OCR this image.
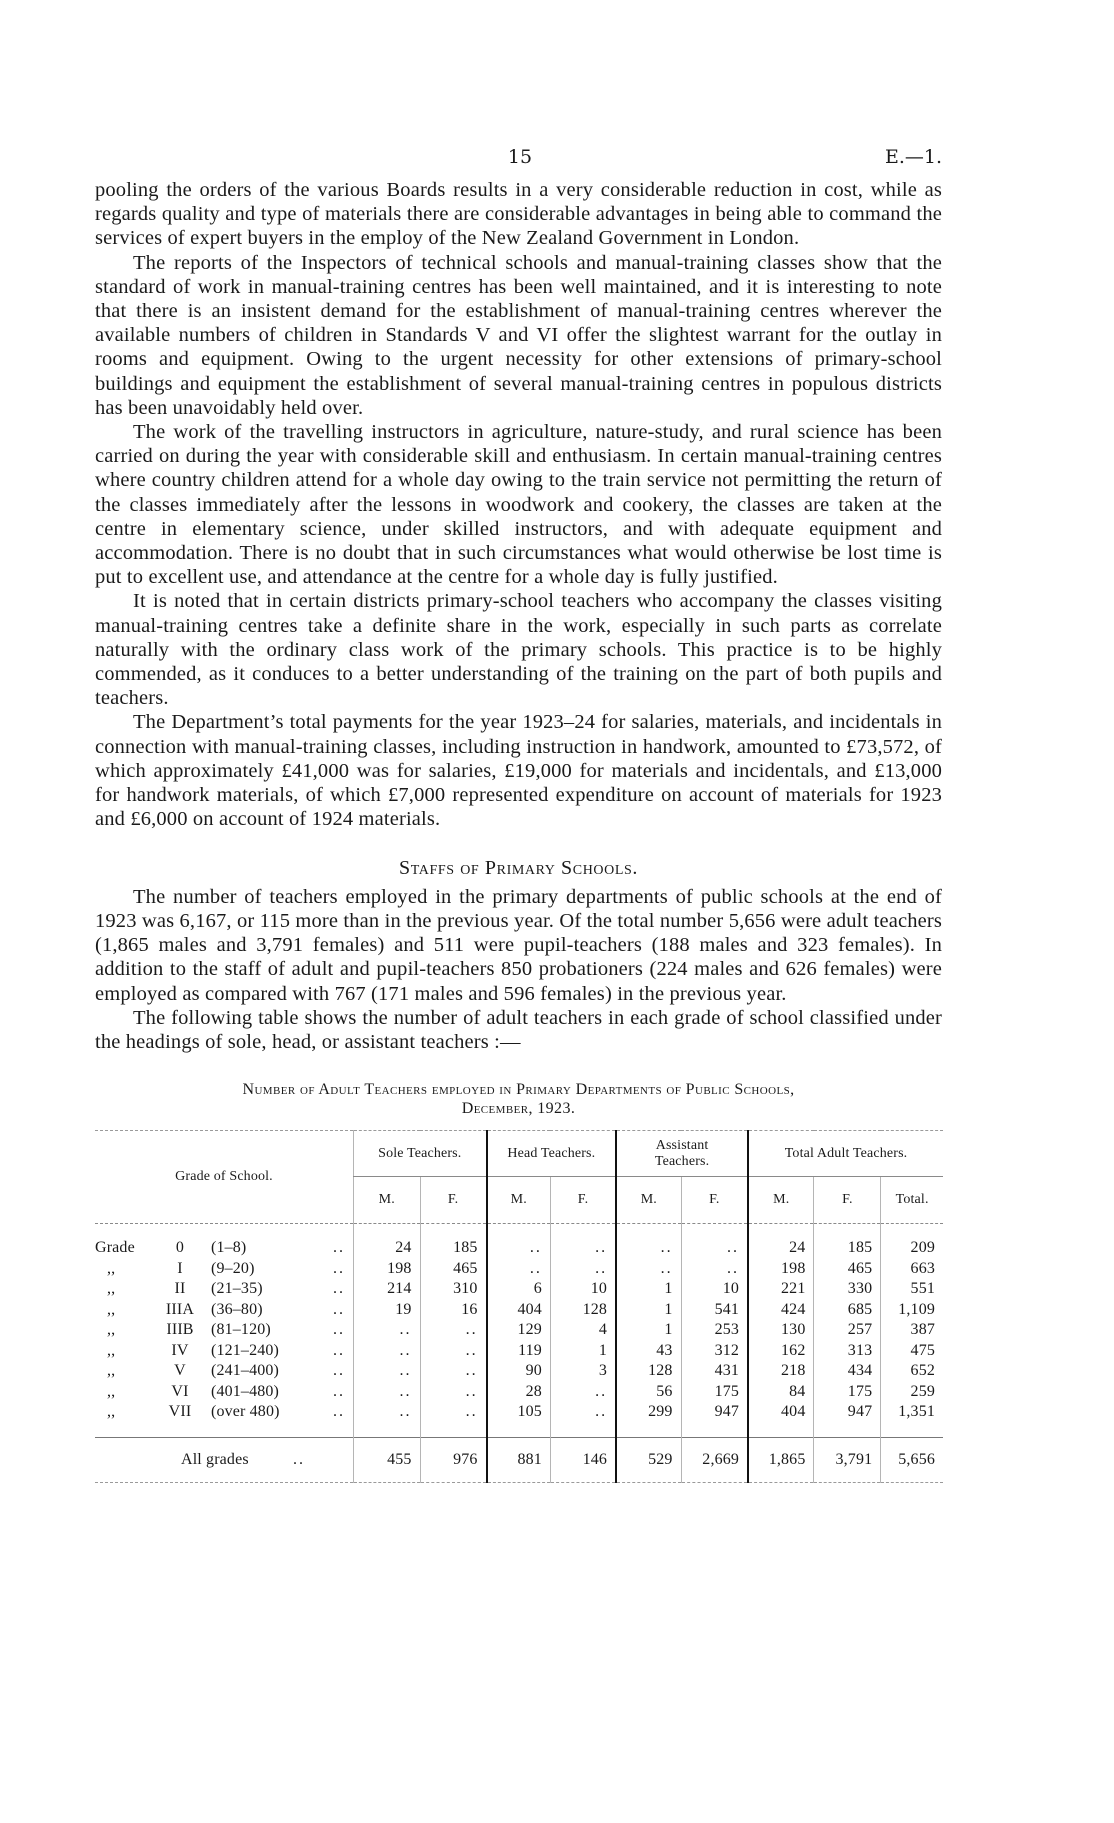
15	E.—1.

pooling the orders of the various Boards results in a very considerable reduction in cost, while as regards quality and type of materials there are considerable advantages in being able to command the services of expert buyers in the employ of the New Zealand Government in London.

The reports of the Inspectors of technical schools and manual-training classes show that the standard of work in manual-training centres has been well maintained, and it is interesting to note that there is an insistent demand for the establishment of manual-training centres wherever the available numbers of children in Standards V and VI offer the slightest warrant for the outlay in rooms and equipment. Owing to the urgent necessity for other extensions of primary-school buildings and equipment the establishment of several manual-training centres in populous districts has been unavoidably held over.

The work of the travelling instructors in agriculture, nature-study, and rural science has been carried on during the year with considerable skill and enthusiasm. In certain manual-training centres where country children attend for a whole day owing to the train service not permitting the return of the classes immediately after the lessons in woodwork and cookery, the classes are taken at the centre in elementary science, under skilled instructors, and with adequate equipment and accommodation. There is no doubt that in such circumstances what would otherwise be lost time is put to excellent use, and attendance at the centre for a whole day is fully justified.

It is noted that in certain districts primary-school teachers who accompany the classes visiting manual-training centres take a definite share in the work, especially in such parts as correlate naturally with the ordinary class work of the primary schools. This practice is to be highly commended, as it conduces to a better understanding of the training on the part of both pupils and teachers.

The Department’s total payments for the year 1923–24 for salaries, materials, and incidentals in connection with manual-training classes, including instruction in handwork, amounted to £73,572, of which approximately £41,000 was for salaries, £19,000 for materials and incidentals, and £13,000 for handwork materials, of which £7,000 represented expenditure on account of materials for 1923 and £6,000 on account of 1924 materials.

Staffs of Primary Schools.

The number of teachers employed in the primary departments of public schools at the end of 1923 was 6,167, or 115 more than in the previous year. Of the total number 5,656 were adult teachers (1,865 males and 3,791 females) and 511 were pupil-teachers (188 males and 323 females). In addition to the staff of adult and pupil-teachers 850 probationers (224 males and 626 females) were employed as compared with 767 (171 males and 596 females) in the previous year.

The following table shows the number of adult teachers in each grade of school classified under the headings of sole, head, or assistant teachers :—

Number of Adult Teachers employed in Primary Departments of Public Schools,
December, 1923.
Grade of School.	Sole Teachers.		Head Teachers.		Assistant Teachers.		Total Adult Teachers.		
	M.	F.	M.	F.	M.	F.	M.	F.	Total.
Grade 0 (1–8) ..	24	185	..	..	..	..	24	185	209
,, I (9–20) ..	198	465	..	..	..	..	198	465	663
,, II (21–35) ..	214	310	6	10	1	10	221	330	551
,, IIIA (36–80) ..	19	16	404	128	1	541	424	685	1,109
,, IIIB (81–120) ..	..	..	129	4	1	253	130	257	387
,, IV (121–240) ..	..	..	119	1	43	312	162	313	475
,, V (241–400) ..	..	..	90	3	128	431	218	434	652
,, VI (401–480) ..	..	..	28	..	56	175	84	175	259
,, VII (over 480) ..	..	..	105	..	299	947	404	947	1,351
All grades ..	455	976	881	146	529	2,669	1,865	3,791	5,656
